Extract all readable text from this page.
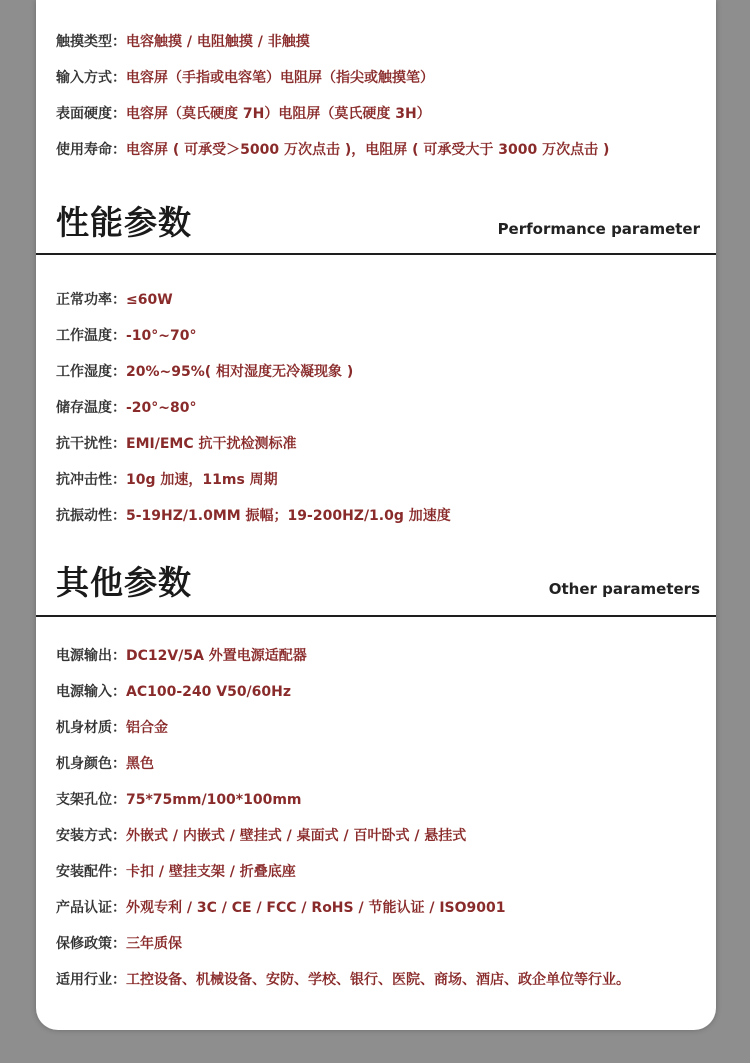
触摸类型：电容触摸 / 电阻触摸 / 非触摸
输入方式：电容屏（手指或电容笔）电阻屏（指尖或触摸笔）
表面硬度：电容屏（莫氏硬度 7H）电阻屏（莫氏硬度 3H）
使用寿命：电容屏 ( 可承受＞5000 万次点击 )，电阻屏 ( 可承受大于 3000 万次点击 )
性能参数	Performance parameter
正常功率：≤60W
工作温度：-10°~70°
工作湿度：20%~95%( 相对湿度无冷凝现象 )
储存温度：-20°~80°
抗干扰性：EMI/EMC 抗干扰检测标准
抗冲击性：10g 加速，11ms 周期
抗振动性：5-19HZ/1.0MM 振幅；19-200HZ/1.0g 加速度
其他参数	Other parameters
电源输出：DC12V/5A 外置电源适配器
电源输入：AC100-240 V50/60Hz
机身材质：铝合金
机身颜色：黑色
支架孔位：75*75mm/100*100mm
安装方式：外嵌式 / 内嵌式 / 壁挂式 / 桌面式 / 百叶卧式 / 悬挂式
安装配件：卡扣 / 壁挂支架 / 折叠底座
产品认证：外观专利 / 3C / CE / FCC / RoHS / 节能认证 / ISO9001
保修政策：三年质保
适用行业：工控设备、机械设备、安防、学校、银行、医院、商场、酒店、政企单位等行业。
